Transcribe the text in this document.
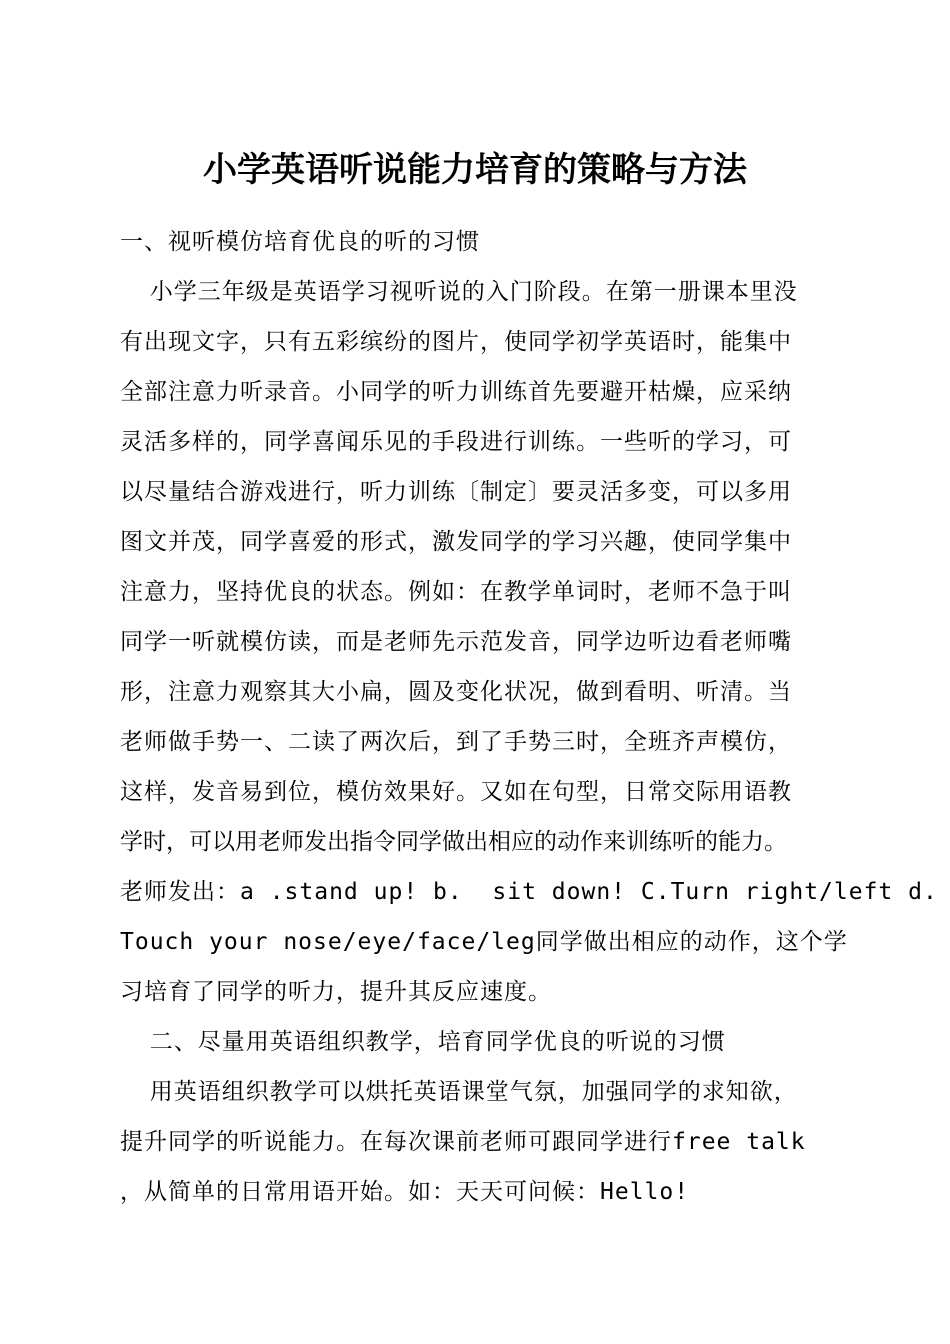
小学英语听说能力培育的策略与方法
一、视听模仿培育优良的听的习惯
小学三年级是英语学习视听说的入门阶段。在第一册课本里没
有出现文字，只有五彩缤纷的图片，使同学初学英语时，能集中
全部注意力听录音。小同学的听力训练首先要避开枯燥，应采纳
灵活多样的，同学喜闻乐见的手段进行训练。一些听的学习，可
以尽量结合游戏进行，听力训练〔制定〕要灵活多变，可以多用
图文并茂，同学喜爱的形式，激发同学的学习兴趣，使同学集中
注意力，坚持优良的状态。例如：在教学单词时，老师不急于叫
同学一听就模仿读，而是老师先示范发音，同学边听边看老师嘴
形，注意力观察其大小扁，圆及变化状况，做到看明、听清。当
老师做手势一、二读了两次后，到了手势三时，全班齐声模仿，
这样，发音易到位，模仿效果好。又如在句型，日常交际用语教
学时，可以用老师发出指令同学做出相应的动作来训练听的能力。
老师发出：a .stand up! b.  sit down! C.Turn right/left d.
Touch your nose/eye/face/leg同学做出相应的动作，这个学
习培育了同学的听力，提升其反应速度。
二、尽量用英语组织教学，培育同学优良的听说的习惯
用英语组织教学可以烘托英语课堂气氛，加强同学的求知欲，
提升同学的听说能力。在每次课前老师可跟同学进行free talk
，从简单的日常用语开始。如：天天可问候：Hello!
